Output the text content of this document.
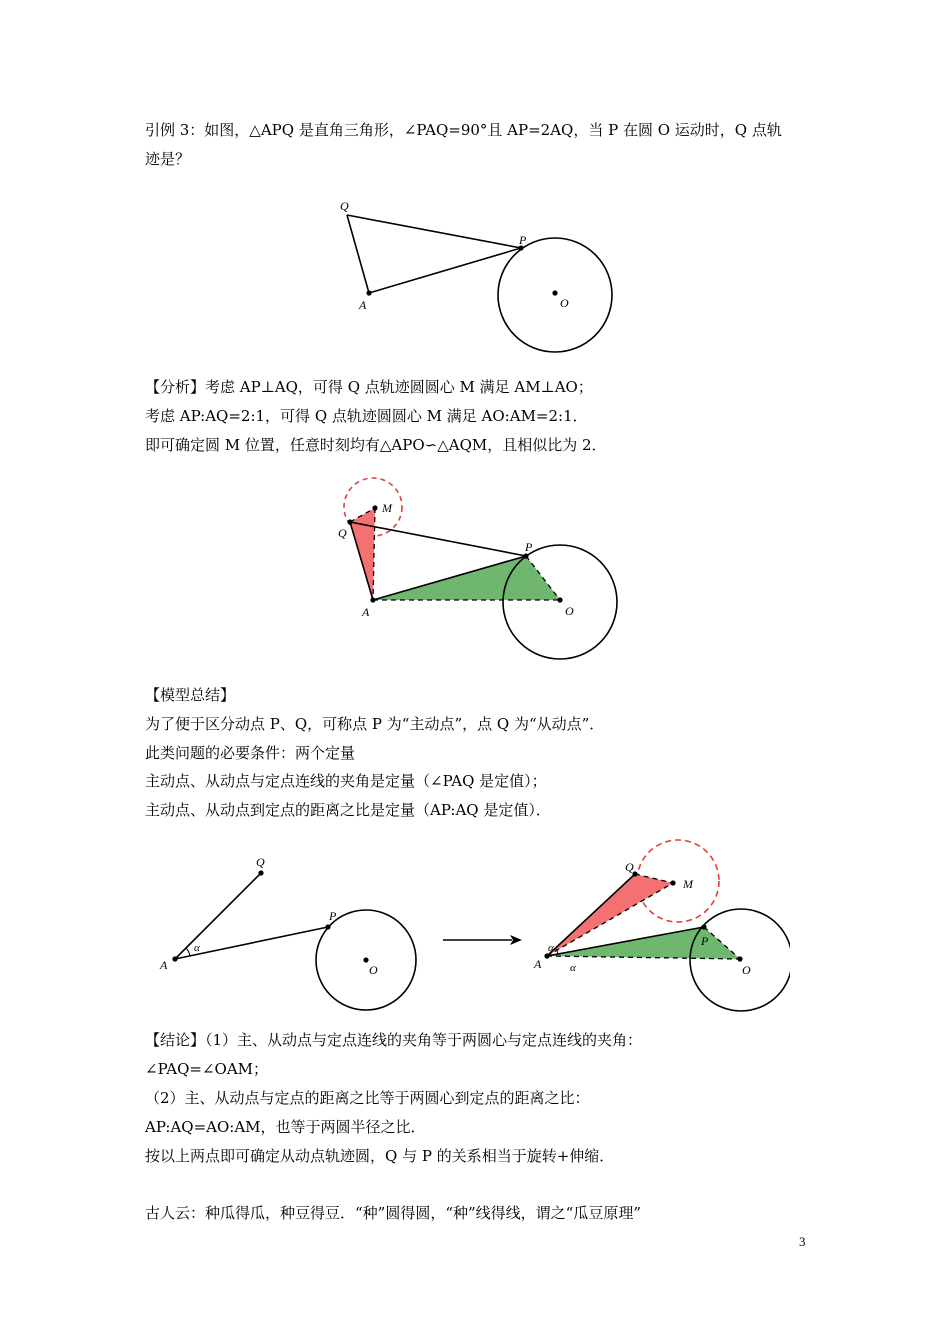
引例 3：如图，△APQ 是直角三角形，∠PAQ=90°且 AP=2AQ，当 P 在圆 O 运动时，Q 点轨
迹是？
Q
P
A	O
【分析】考虑 AP⊥AQ，可得 Q 点轨迹圆圆心 M 满足 AM⊥AO；
考虑 AP:AQ=2:1，可得 Q 点轨迹圆圆心 M 满足 AO:AM=2:1．
即可确定圆 M 位置，任意时刻均有△APO∽△AQM，且相似比为 2．
M
Q
P
A	O
【模型总结】
为了便于区分动点 P、Q，可称点 P 为“主动点”，点 Q 为“从动点”．
此类问题的必要条件：两个定量
主动点、从动点与定点连线的夹角是定量（∠PAQ 是定值）；
主动点、从动点到定点的距离之比是定量（AP:AQ 是定值）．
Q
P
A	O
α
Q
M
P
A	O
α
α
【结论】（1）主、从动点与定点连线的夹角等于两圆心与定点连线的夹角：
∠PAQ=∠OAM；
（2）主、从动点与定点的距离之比等于两圆心到定点的距离之比：
AP:AQ=AO:AM，也等于两圆半径之比．
按以上两点即可确定从动点轨迹圆，Q 与 P 的关系相当于旋转+伸缩．
古人云：种瓜得瓜，种豆得豆．“种”圆得圆，“种”线得线，谓之“瓜豆原理”
3
